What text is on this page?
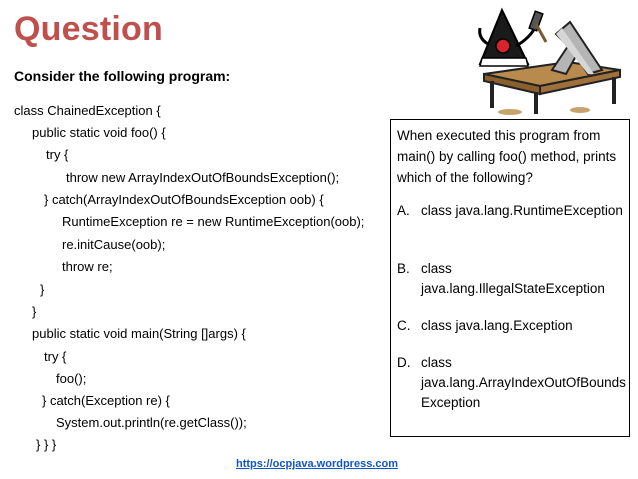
Question
Consider the following program:
class ChainedException {
public static void foo() {
try {
throw new ArrayIndexOutOfBoundsException();
} catch(ArrayIndexOutOfBoundsException oob) {
RuntimeException re = new RuntimeException(oob);
re.initCause(oob);
throw re;
}
}
public static void main(String []args) {
try {
foo();
} catch(Exception re) {
System.out.println(re.getClass());
} } }
When executed this program from main() by calling foo() method, prints which of the following?
A. class java.lang.RuntimeException
B. class java.lang.IllegalStateException
C. class java.lang.Exception
D. class java.lang.ArrayIndexOutOfBoundsException
https://ocpjava.wordpress.com
